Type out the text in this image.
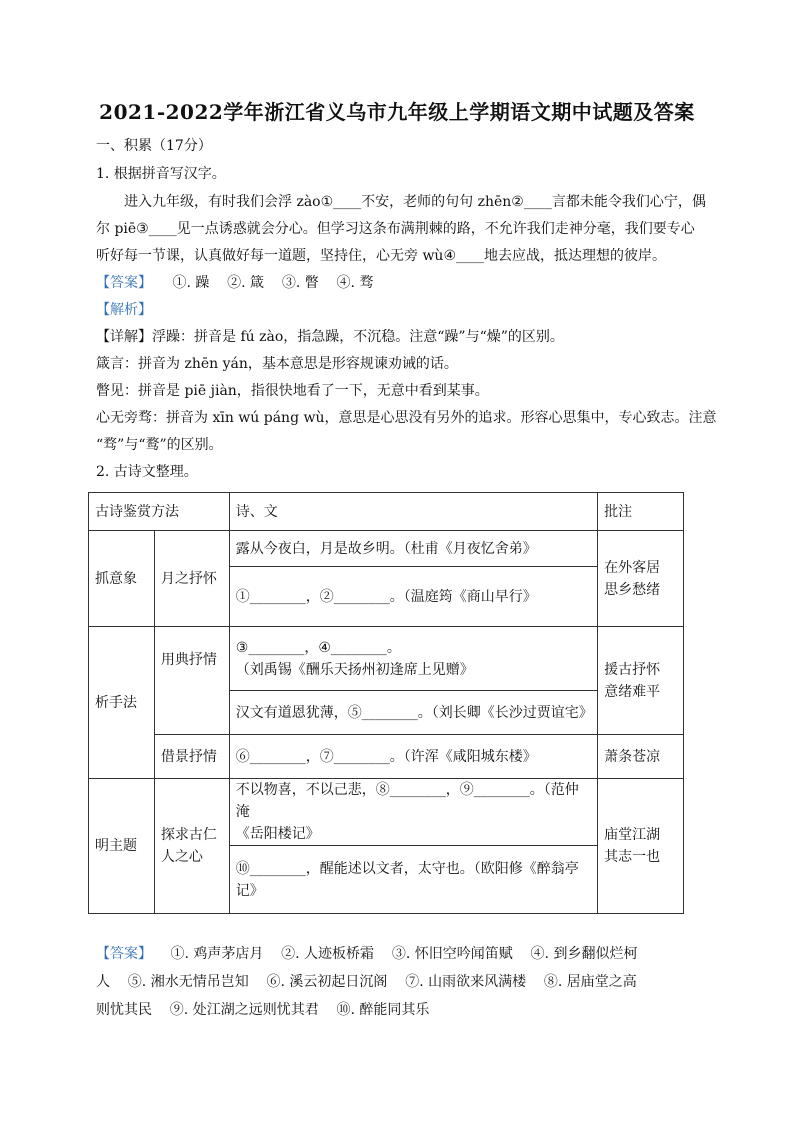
2021-2022学年浙江省义乌市九年级上学期语文期中试题及答案
一、积累（17分）
1. 根据拼音写汉字。
进入九年级，有时我们会浮 zào①____不安，老师的句句 zhēn②____言都未能令我们心宁，偶
尔 piē③____见一点诱惑就会分心。但学习这条布满荆棘的路，不允许我们走神分毫，我们要专心
听好每一节课，认真做好每一道题，坚持住，心无旁 wù④____地去应战，抵达理想的彼岸。
【答案】 ①. 躁    ②. 箴    ③. 瞥    ④. 骛
【解析】
【详解】浮躁：拼音是 fú zào，指急躁，不沉稳。注意“躁”与“燥”的区别。
箴言：拼音为 zhēn yán，基本意思是形容规谏劝诫的话。
瞥见：拼音是 piē jiàn，指很快地看了一下，无意中看到某事。
心无旁骛：拼音为 xīn wú páng wù，意思是心思没有另外的追求。形容心思集中，专心致志。注意
“骛”与“鹜”的区别。
2. 古诗文整理。
古诗鉴赏方法		诗、文	批注
抓意象	月之抒怀	露从今夜白，月是故乡明。（杜甫《月夜忆舍弟》	在外客居
思乡愁绪
		①________，②________。（温庭筠《商山早行》	
析手法	用典抒情	③________，④________。
（刘禹锡《酬乐天扬州初逢席上见赠》	援古抒怀
意绪难平
		汉文有道恩犹薄，⑤________。（刘长卿《长沙过贾谊宅》	
	借景抒情	⑥________，⑦________。（许浑《咸阳城东楼》	萧条苍凉
明主题	探求古仁
人之心	不以物喜，不以己悲，⑧________，⑨________。（范仲淹
《岳阳楼记》	庙堂江湖
其志一也
		⑩________，醒能述以文者，太守也。（欧阳修《醉翁亭
记》	
【答案】 ①. 鸡声茅店月    ②. 人迹板桥霜    ③. 怀旧空吟闻笛赋    ④. 到乡翻似烂柯
人    ⑤. 湘水无情吊岂知    ⑥. 溪云初起日沉阁    ⑦. 山雨欲来风满楼    ⑧. 居庙堂之高
则忧其民    ⑨. 处江湖之远则忧其君    ⑩. 醉能同其乐
